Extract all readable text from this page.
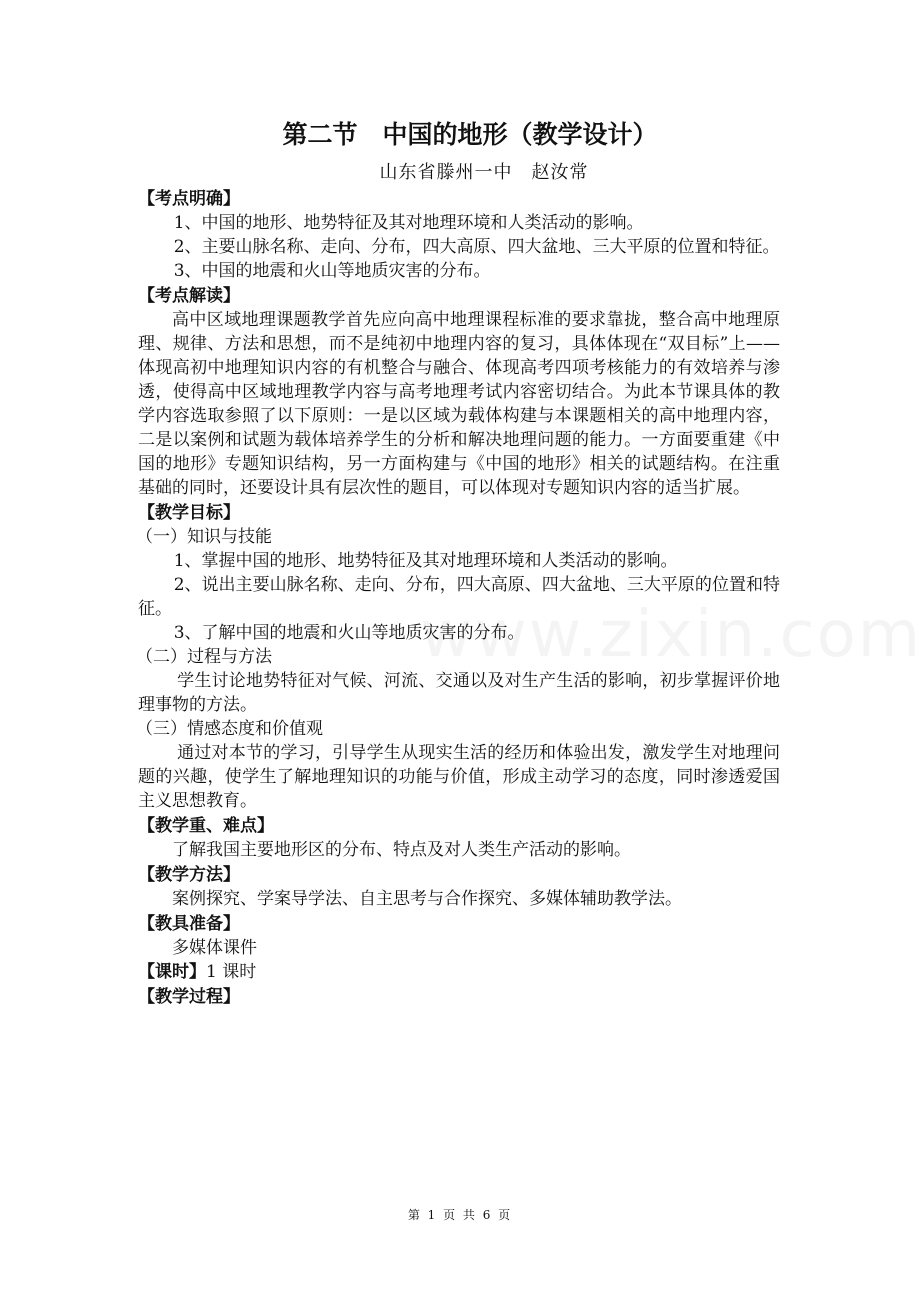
第二节　中国的地形（教学设计）
山东省滕州一中　赵汝常
【考点明确】
1、中国的地形、地势特征及其对地理环境和人类活动的影响。
2、主要山脉名称、走向、分布，四大高原、四大盆地、三大平原的位置和特征。
3、中国的地震和火山等地质灾害的分布。
【考点解读】
高中区域地理课题教学首先应向高中地理课程标准的要求靠拢，整合高中地理原理、规律、方法和思想，而不是纯初中地理内容的复习，具体体现在“双目标”上——体现高初中地理知识内容的有机整合与融合、体现高考四项考核能力的有效培养与渗透，使得高中区域地理教学内容与高考地理考试内容密切结合。为此本节课具体的教学内容选取参照了以下原则：一是以区域为载体构建与本课题相关的高中地理内容，二是以案例和试题为载体培养学生的分析和解决地理问题的能力。一方面要重建《中国的地形》专题知识结构，另一方面构建与《中国的地形》相关的试题结构。在注重基础的同时，还要设计具有层次性的题目，可以体现对专题知识内容的适当扩展。
【教学目标】
（一）知识与技能
1、掌握中国的地形、地势特征及其对地理环境和人类活动的影响。
2、说出主要山脉名称、走向、分布，四大高原、四大盆地、三大平原的位置和特征。
3、了解中国的地震和火山等地质灾害的分布。
（二）过程与方法
学生讨论地势特征对气候、河流、交通以及对生产生活的影响，初步掌握评价地理事物的方法。
（三）情感态度和价值观
通过对本节的学习，引导学生从现实生活的经历和体验出发，激发学生对地理问题的兴趣，使学生了解地理知识的功能与价值，形成主动学习的态度，同时渗透爱国主义思想教育。
【教学重、难点】
了解我国主要地形区的分布、特点及对人类生产活动的影响。
【教学方法】
案例探究、学案导学法、自主思考与合作探究、多媒体辅助教学法。
【教具准备】
多媒体课件
【课时】1 课时
【教学过程】
第 1 页 共 6 页
